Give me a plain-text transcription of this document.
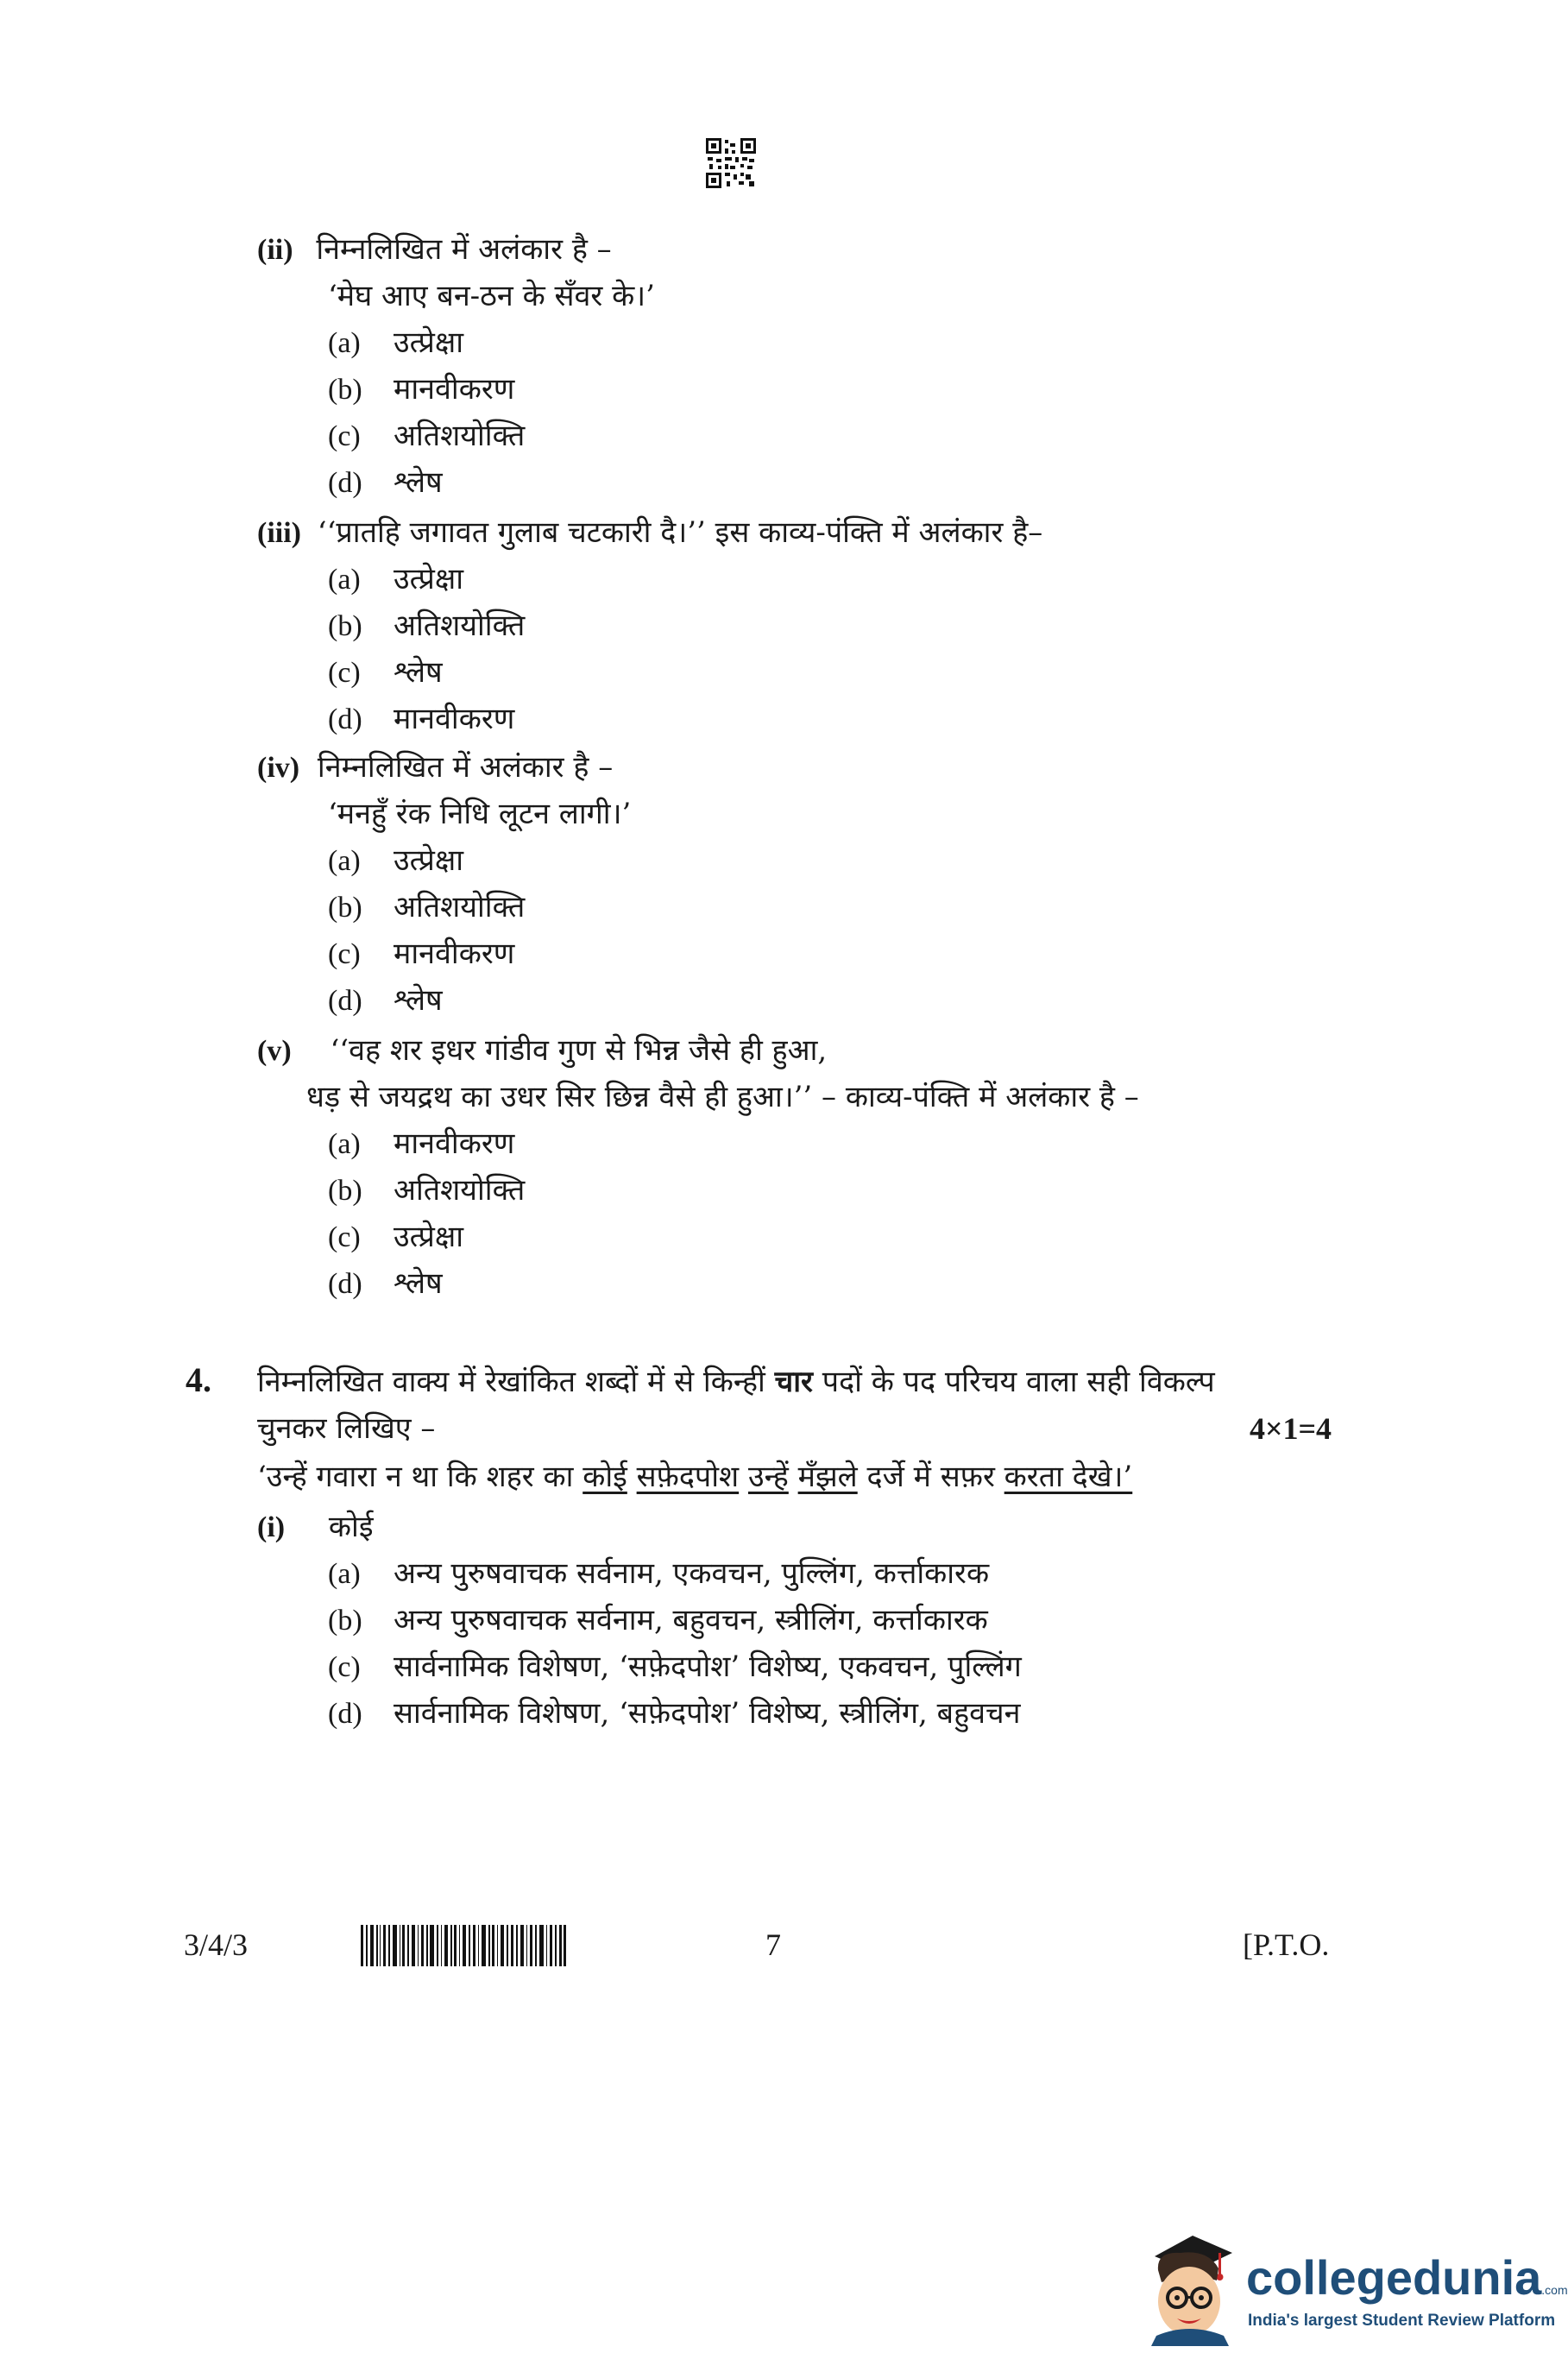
(ii) निम्नलिखित में अलंकार है –
‘मेघ आए बन-ठन के सँवर के।’
(a) उत्प्रेक्षा
(b) मानवीकरण
(c) अतिशयोक्ति
(d) श्लेष
(iii) ‘‘प्रातहि जगावत गुलाब चटकारी दै।’’ इस काव्य-पंक्ति में अलंकार है–
(a) उत्प्रेक्षा
(b) अतिशयोक्ति
(c) श्लेष
(d) मानवीकरण
(iv) निम्नलिखित में अलंकार है –
‘मनहुँ रंक निधि लूटन लागी।’
(a) उत्प्रेक्षा
(b) अतिशयोक्ति
(c) मानवीकरण
(d) श्लेष
(v) ‘‘वह शर इधर गांडीव गुण से भिन्न जैसे ही हुआ,
धड़ से जयद्रथ का उधर सिर छिन्न वैसे ही हुआ।’’ – काव्य-पंक्ति में अलंकार है –
(a) मानवीकरण
(b) अतिशयोक्ति
(c) उत्प्रेक्षा
(d) श्लेष
4. निम्नलिखित वाक्य में रेखांकित शब्दों में से किन्हीं चार पदों के पद परिचय वाला सही विकल्प
चुनकर लिखिए –	4×1=4
‘उन्हें गवारा न था कि शहर का कोई सफ़ेदपोश उन्हें मँझले दर्जे में सफ़र करता देखे।’
(i) कोई
(a) अन्य पुरुषवाचक सर्वनाम, एकवचन, पुल्लिंग, कर्त्ताकारक
(b) अन्य पुरुषवाचक सर्वनाम, बहुवचन, स्त्रीलिंग, कर्त्ताकारक
(c) सार्वनामिक विशेषण, ‘सफ़ेदपोश’ विशेष्य, एकवचन, पुल्लिंग
(d) सार्वनामिक विशेषण, ‘सफ़ेदपोश’ विशेष्य, स्त्रीलिंग, बहुवचन
3/4/3	7	[P.T.O.
collegedunia.com
India's largest Student Review Platform
